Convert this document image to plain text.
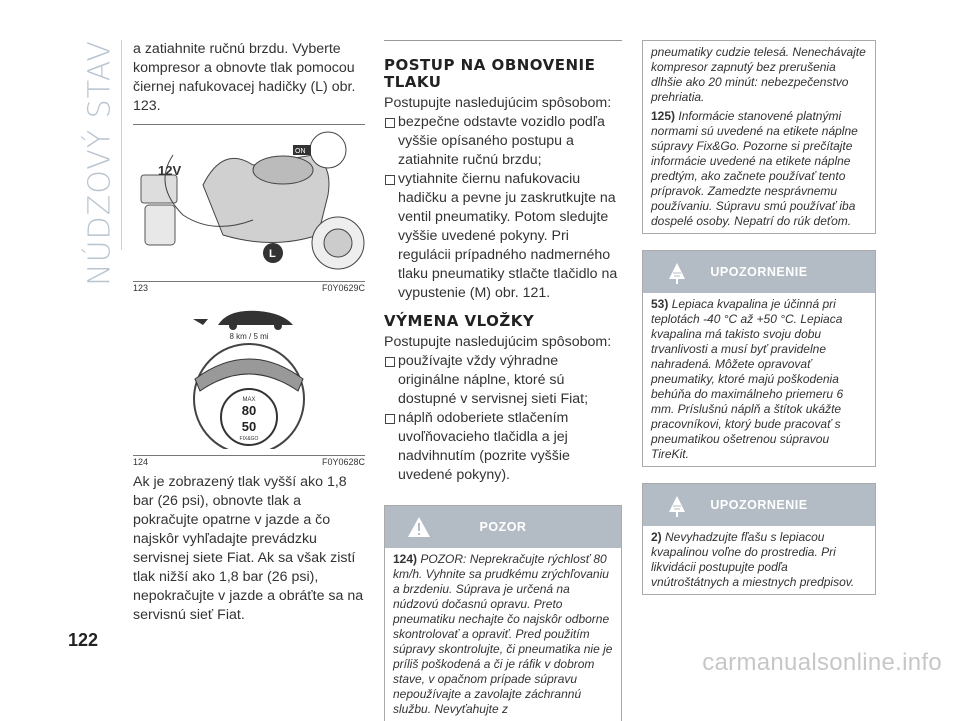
NÚDZOVÝ STAV
122

a zatiahnite ručnú brzdu. Vyberte kompresor a obnovte tlak pomocou čiernej nafukovacej hadičky (L) obr. 123.

12V
ON
L
123	F0Y0629C
8 km / 5 mi
MAX
80
50
FIX&GO
124	F0Y0628C

Ak je zobrazený tlak vyšší ako 1,8 bar (26 psi), obnovte tlak a pokračujte opatrne v jazde a čo najskôr vyhľadajte prevádzku servisnej siete Fiat. Ak sa však zistí tlak nižší ako 1,8 bar (26 psi), nepokračujte v jazde a obráťte sa na servisnú sieť Fiat.

POSTUP NA OBNOVENIE TLAKU

Postupujte nasledujúcim spôsobom:

bezpečne odstavte vozidlo podľa vyššie opísaného postupu a zatiahnite ručnú brzdu;

vytiahnite čiernu nafukovaciu hadičku a pevne ju zaskrutkujte na ventil pneumatiky. Potom sledujte vyššie uvedené pokyny. Pri regulácii prípadného nadmerného tlaku pneumatiky stlačte tlačidlo na vypustenie (M) obr. 121.

VÝMENA VLOŽKY

Postupujte nasledujúcim spôsobom:

používajte vždy výhradne originálne náplne, ktoré sú dostupné v servisnej sieti Fiat;

náplň odoberiete stlačením uvoľňovacieho tlačidla a jej nadvihnutím (pozrite vyššie uvedené pokyny).

POZOR
124) POZOR: Neprekračujte rýchlosť 80 km/h. Vyhnite sa prudkému zrýchľovaniu a brzdeniu. Súprava je určená na núdzovú dočasnú opravu. Preto pneumatiku nechajte čo najskôr odborne skontrolovať a opraviť. Pred použitím súpravy skontrolujte, či pneumatika nie je príliš poškodená a či je ráfik v dobrom stave, v opačnom prípade súpravu nepoužívajte a zavolajte záchrannú službu. Nevyťahujte z
pneumatiky cudzie telesá. Nenechávajte kompresor zapnutý bez prerušenia dlhšie ako 20 minút: nebezpečenstvo prehriatia.
125) Informácie stanovené platnými normami sú uvedené na etikete náplne súpravy Fix&Go. Pozorne si prečítajte informácie uvedené na etikete náplne predtým, ako začnete používať tento prípravok. Zamedzte nesprávnemu používaniu. Súpravu smú používať iba dospelé osoby. Nepatrí do rúk deťom.
UPOZORNENIE
53) Lepiaca kvapalina je účinná pri teplotách -40 °C až +50 °C. Lepiaca kvapalina má takisto svoju dobu trvanlivosti a musí byť pravidelne nahradená. Môžete opravovať pneumatiky, ktoré majú poškodenia behúňa do maximálneho priemeru 6 mm. Príslušnú náplň a štítok ukážte pracovníkovi, ktorý bude pracovať s pneumatikou ošetrenou súpravou TireKit.
UPOZORNENIE
2) Nevyhadzujte fľašu s lepiacou kvapalinou voľne do prostredia. Pri likvidácii postupujte podľa vnútroštátnych a miestnych predpisov.
carmanualsonline.info
